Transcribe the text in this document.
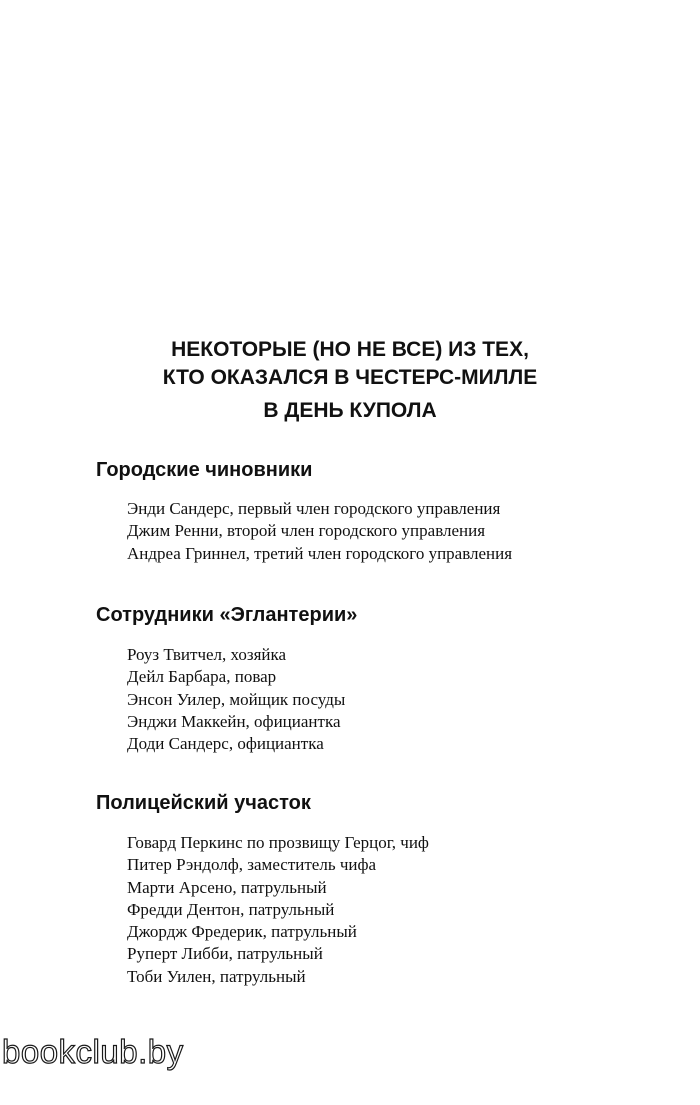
НЕКОТОРЫЕ (НО НЕ ВСЕ) ИЗ ТЕХ,
КТО ОКАЗАЛСЯ В ЧЕСТЕРС-МИЛЛЕ
В ДЕНЬ КУПОЛА
Городские чиновники
Энди Сандерс, первый член городского управления
Джим Ренни, второй член городского управления
Андреа Гриннел, третий член городского управления
Сотрудники «Эглантерии»
Роуз Твитчел, хозяйка
Дейл Барбара, повар
Энсон Уилер, мойщик посуды
Энджи Маккейн, официантка
Доди Сандерс, официантка
Полицейский участок
Говард Перкинс по прозвищу Герцог, чиф
Питер Рэндолф, заместитель чифа
Марти Арсено, патрульный
Фредди Дентон, патрульный
Джордж Фредерик, патрульный
Руперт Либби, патрульный
Тоби Уилен, патрульный
bookclub.by
